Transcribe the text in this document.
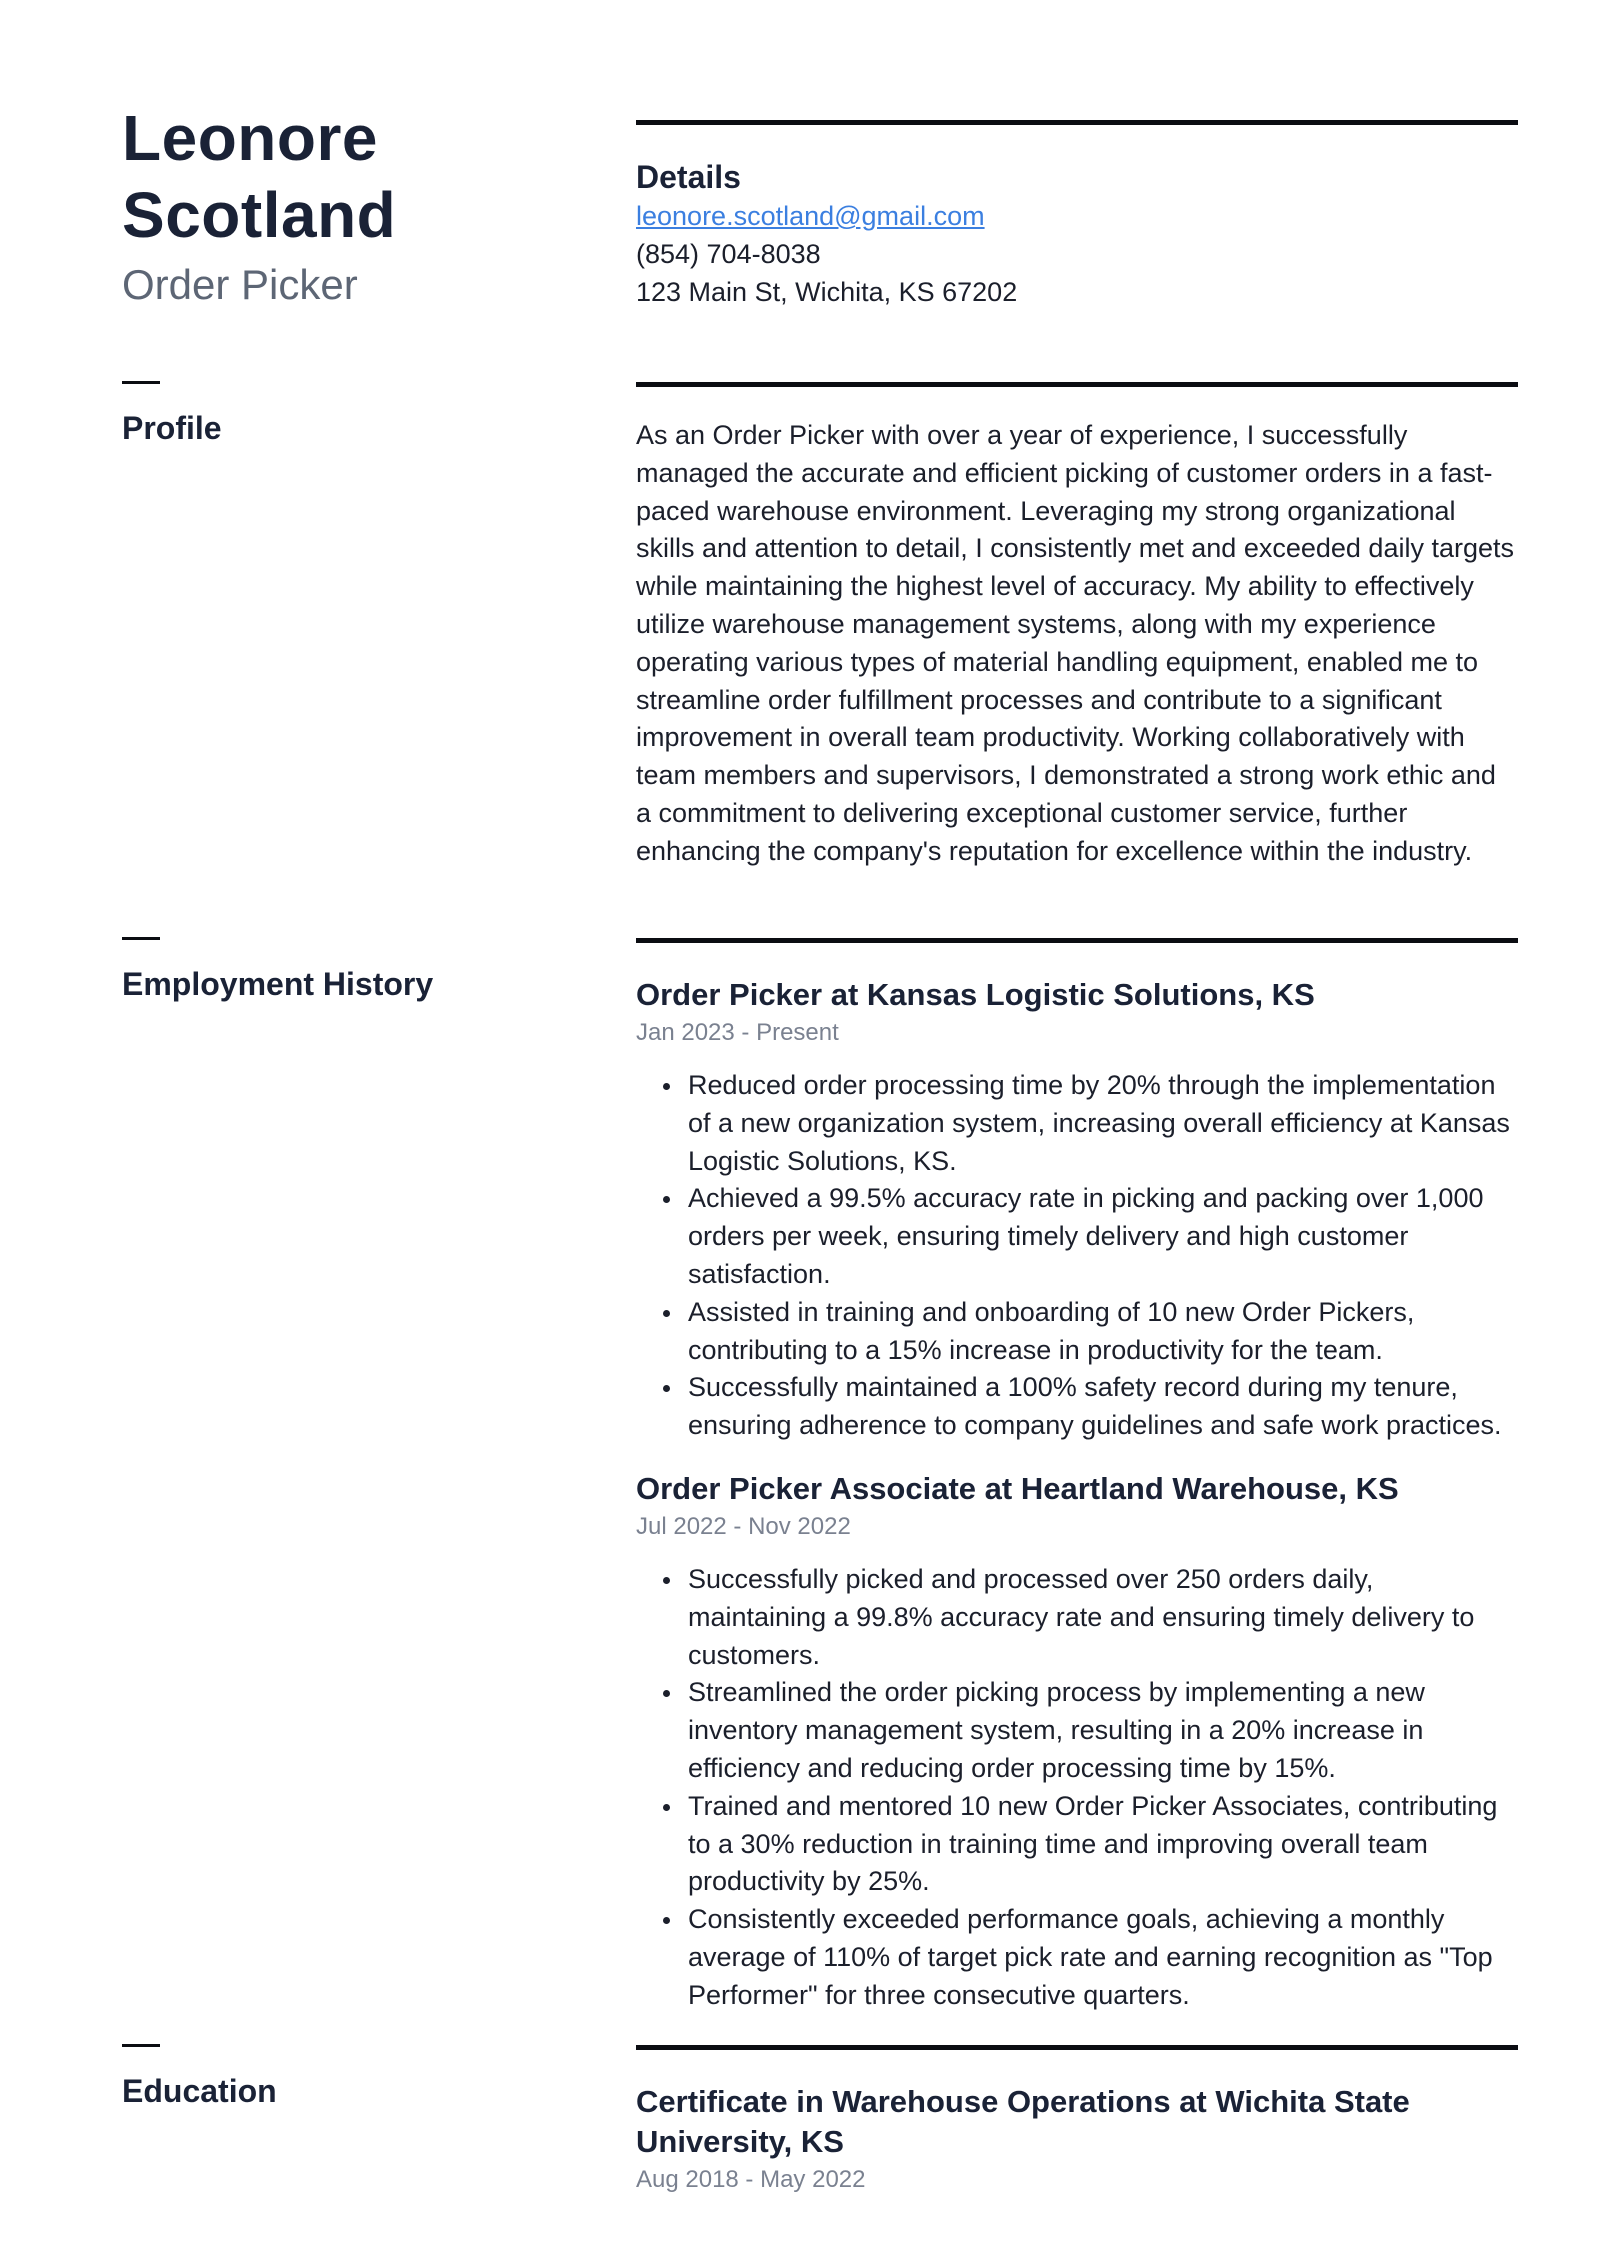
Leonore
Scotland
Order Picker
Details
leonore.scotland@gmail.com
(854) 704-8038
123 Main St, Wichita, KS 67202
Profile	As an Order Picker with over a year of experience, I successfully managed the accurate and efficient picking of customer orders in a fast-paced warehouse environment. Leveraging my strong organizational skills and attention to detail, I consistently met and exceeded daily targets while maintaining the highest level of accuracy. My ability to effectively utilize warehouse management systems, along with my experience operating various types of material handling equipment, enabled me to streamline order fulfillment processes and contribute to a significant improvement in overall team productivity. Working collaboratively with team members and supervisors, I demonstrated a strong work ethic and a commitment to delivering exceptional customer service, further enhancing the company's reputation for excellence within the industry.

Employment History	Order Picker at Kansas Logistic Solutions, KS
Jan 2023 - Present
Reduced order processing time by 20% through the implementation of a new organization system, increasing overall efficiency at Kansas Logistic Solutions, KS.
Achieved a 99.5% accuracy rate in picking and packing over 1,000 orders per week, ensuring timely delivery and high customer satisfaction.
Assisted in training and onboarding of 10 new Order Pickers, contributing to a 15% increase in productivity for the team.
Successfully maintained a 100% safety record during my tenure, ensuring adherence to company guidelines and safe work practices.
Order Picker Associate at Heartland Warehouse, KS
Jul 2022 - Nov 2022
Successfully picked and processed over 250 orders daily, maintaining a 99.8% accuracy rate and ensuring timely delivery to customers.
Streamlined the order picking process by implementing a new inventory management system, resulting in a 20% increase in efficiency and reducing order processing time by 15%.
Trained and mentored 10 new Order Picker Associates, contributing to a 30% reduction in training time and improving overall team productivity by 25%.
Consistently exceeded performance goals, achieving a monthly average of 110% of target pick rate and earning recognition as "Top Performer" for three consecutive quarters.
Education	Certificate in Warehouse Operations at Wichita State University, KS
Aug 2018 - May 2022
